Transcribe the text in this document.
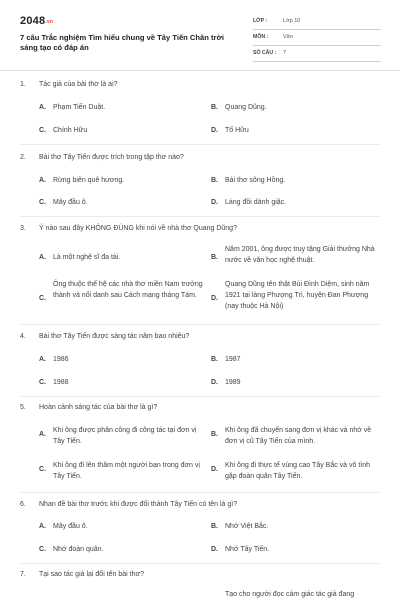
2048.vn
7 câu Trắc nghiệm Tìm hiểu chung về Tây Tiến Chân trời sáng tạo có đáp án
LỚP :	Lớp 10
MÔN :	Văn
SỐ CÂU : 7
1. Tác giả của bài thơ là ai?
A. Phạm Tiến Duật.	B. Quang Dũng.
C. Chính Hữu	D. Tố Hữu
2. Bài thơ Tây Tiến được trích trong tập thơ nào?
A. Rừng biên quê hương.	B. Bài thơ sông Hồng.
C. Mây đầu ô.	D. Làng đồi dành giặc.
3. Ý nào sau đây KHÔNG ĐÚNG khi nói về nhà thơ Quang Dũng?
A. Là một nghệ sĩ đa tài.	B.
Năm 2001, ông được truy tặng Giải thưởng Nhà nước về văn học nghệ thuật.
C.
Ông thuộc thế hệ các nhà thơ miền Nam trưởng thành và nổi danh sau Cách mạng tháng Tám.	D.
Quang Dũng tên thật Bùi Đình Diệm, sinh năm 1921 tại làng Phượng Trì, huyện Đan Phượng (nay thuộc Hà Nội)
4. Bài thơ Tây Tiến được sáng tác năm bao nhiêu?
A. 1986	B. 1987
C. 1988	D. 1989
5. Hoàn cảnh sáng tác của bài thơ là gì?
A.
Khi ông được phân công đi công tác tại đơn vị Tây Tiến.
B.
Khi ông đã chuyển sang đơn vị khác và nhớ về đơn vị cũ Tây Tiến của mình.
C.
Khi ông đi lên thăm một người bạn trong đơn vị Tây Tiến.
D.
Khi ông đi thực tế vùng cao Tây Bắc và vô tình gặp đoàn quân Tây Tiến.
6. Nhan đề bài thơ trước khi được đổi thành Tây Tiến có tên là gì?
A. Mây đầu ô.	B. Nhớ Việt Bắc.
C. Nhớ đoàn quân.	D. Nhớ Tây Tiến.
7. Tại sao tác giả lại đổi tên bài thơ?
Tạo cho người đọc cảm giác tác giả đang
